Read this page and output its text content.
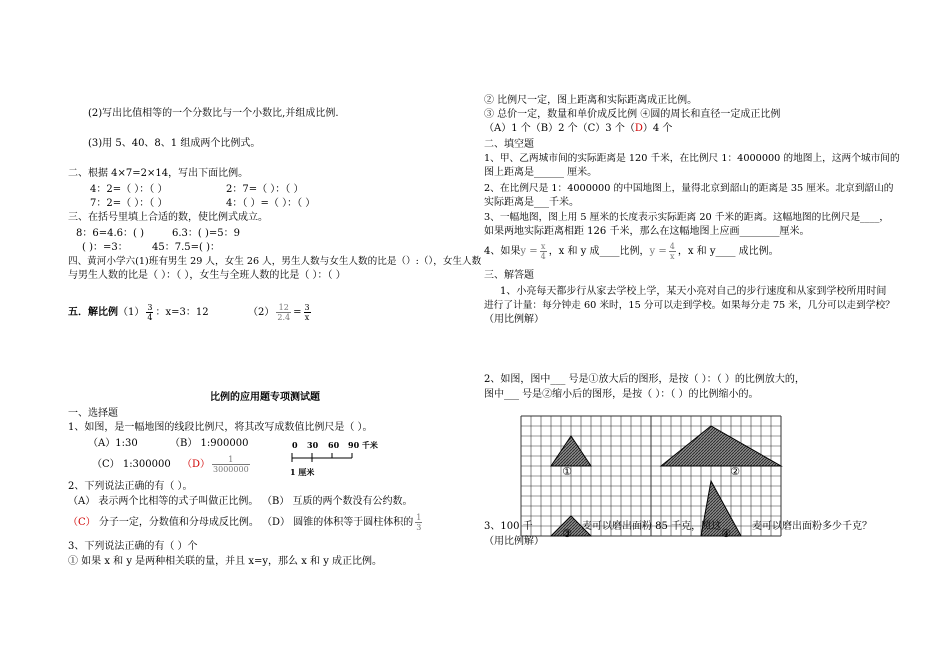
(2)写出比值相等的一个分数比与一个小数比,并组成比例.
(3)用 5、40、8、1 组成两个比例式。
二、根据 4×7=2×14，写出下面比例。
4：2=（ ）：（ ）	2：7=（ ）：（ ）
7：2=（ ）：（ ）	4：（ ）=（ ）：（ ）
三、在括号里填上合适的数，使比例式成立。
8：6=4.6：( )	6.3：( )=5：9
( )：=3： 45：7.5=( )：
四、黄河小学六(1)班有男生 29 人，女生 26 人，男生人数与女生人数的比是（）:（），女生人数
与男生人数的比是（ ）：（ ），女生与全班人数的比是（ ）：（ ）
五．解比例$(1) \frac{3}{4}$ ：x=3：12	$(2) \frac{12}{2.4} = \frac{3}{x}$
比例的应用题专项测试题
一、选择题
1、如图，是一幅地图的线段比例尺，将其改写成数值比例尺是（ ）。
（A）1:30	（B） 1:900000
（C） 1:300000 $(D) \frac{1}{3000000}$
0 30 60 90 千米
1 厘米
2、下列说法正确的有（ ）。
（A） 表示两个比相等的式子叫做正比例。 （B） 互质的两个数没有公约数。
（C） 分子一定，分数值和分母成反比例。 （D） 圆锥的体积等于圆柱体积的 $\frac{1}{3}$
3、下列说法正确的有（ ）个
① 如果 x 和 y 是两种相关联的量，并且 x=y，那么 x 和 y 成正比例。
② 比例尺一定，图上距离和实际距离成正比例。
③ 总价一定，数量和单价成反比例 ④圆的周长和直径一定成正比例
（A）1 个（B）2 个（C）3 个（D）4 个
二、填空题
1、甲、乙两城市间的实际距离是 120 千米，在比例尺 1：4000000 的地图上，这两个城市间的
图上距离是______ 厘米。
2、在比例尺是 1：4000000 的中国地图上，量得北京到韶山的距离是 35 厘米。北京到韶山的
实际距离是___千米。
3、一幅地图，图上用 5 厘米的长度表示实际距离 20 千米的距离。这幅地图的比例尺是____，
如果两地实际距离相距 126 千米，那么在这幅地图上应画________厘米。
4、如果$y = \frac{x}{4}$ ，x 和 y 成____比例，$y = \frac{4}{x}$ ，x 和 y____ 成比例。
三、解答题
1、小亮每天都步行从家去学校上学，某天小亮对自己的步行速度和从家到学校所用时间
进行了计量：每分钟走 60 米时，15 分可以走到学校。如果每分走 75 米，几分可以走到学校？
（用比例解）
2、如图，图中___ 号是①放大后的图形，是按（ ）：（ ）的比例放大的，
图中___ 号是②缩小后的图形，是按（ ）：（ ）的比例缩小的。
①	②
③	④
3、100 千	麦可以磨出面粉 85 千克，照这	麦可以磨出面粉多少千克？
（用比例解）
